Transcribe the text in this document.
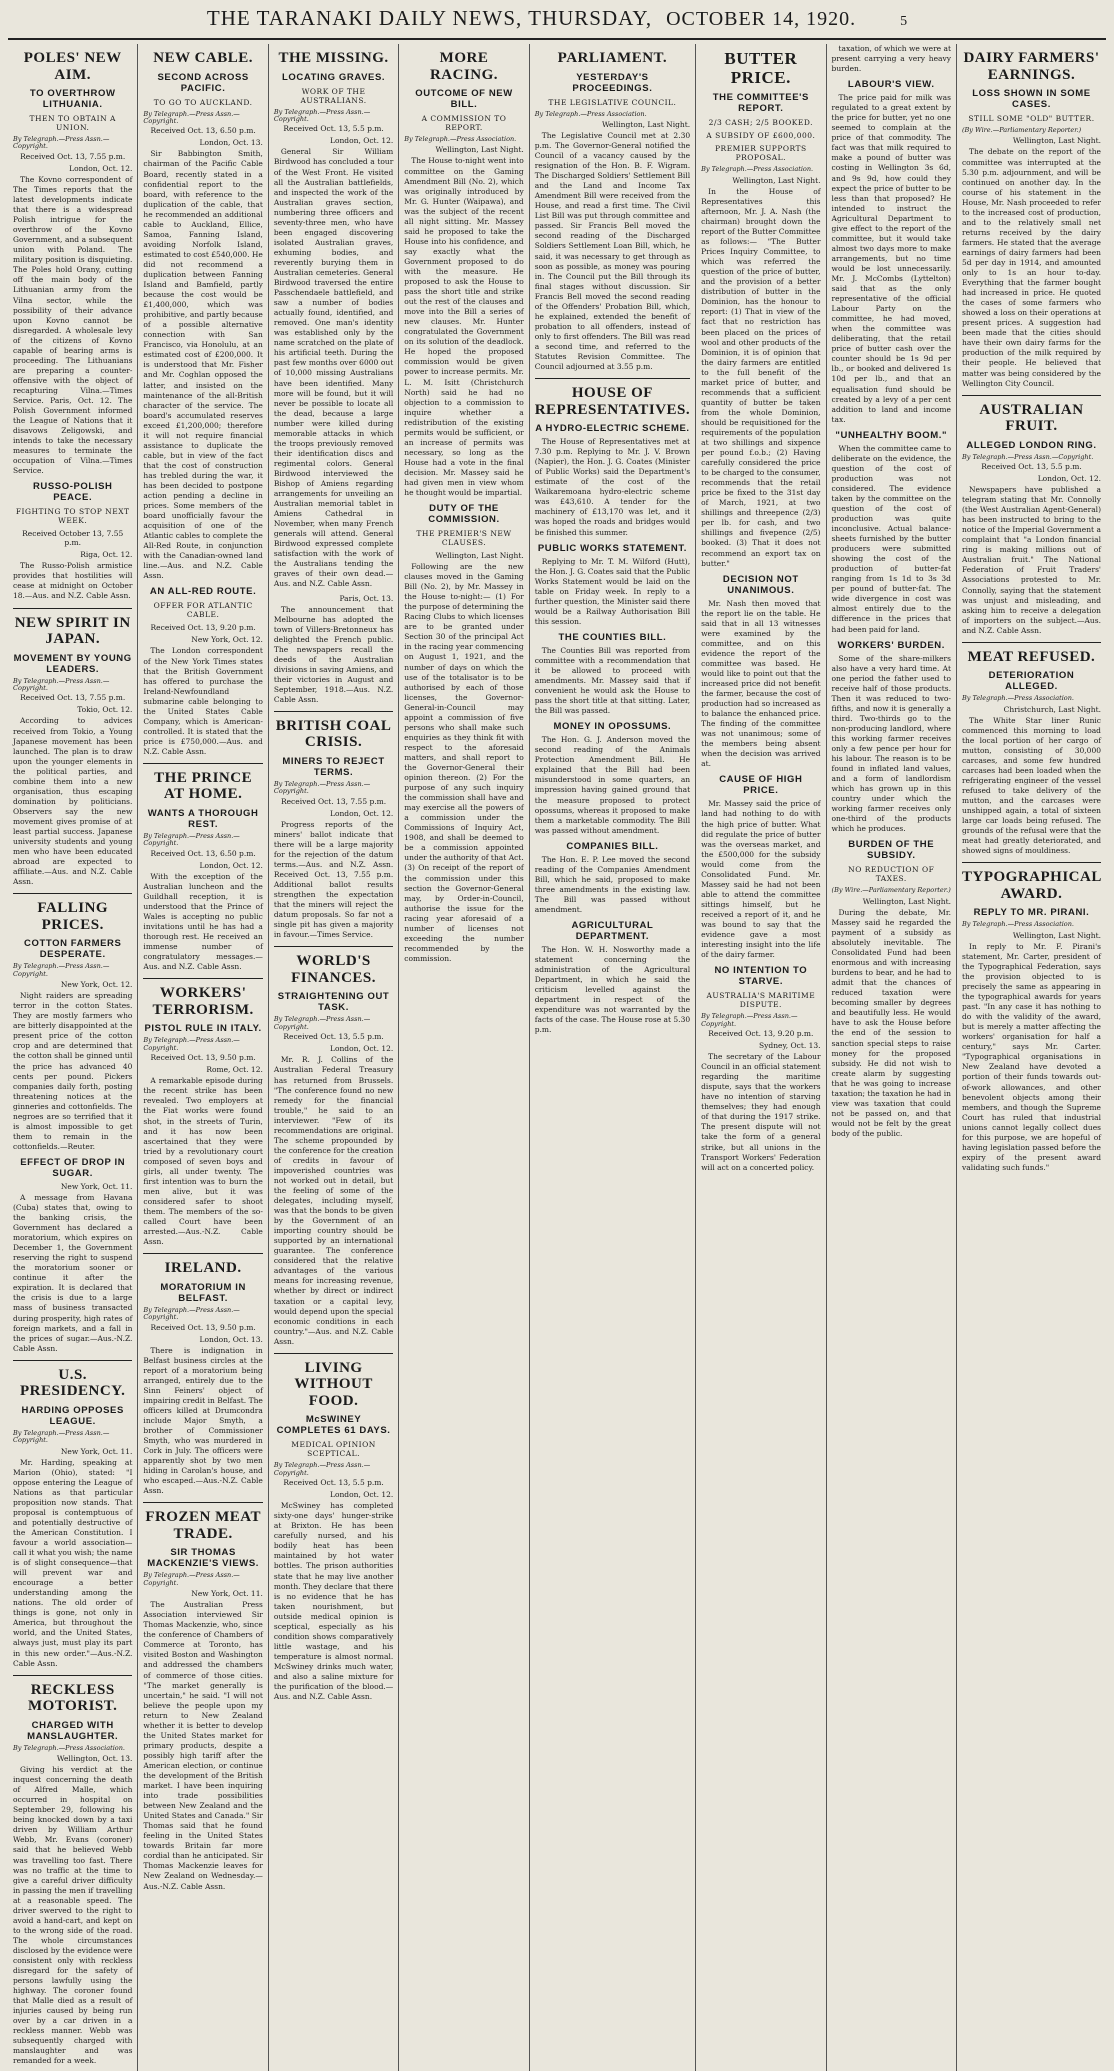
THE TARANAKI DAILY NEWS, THURSDAY, OCTOBER 14, 1920.	5
POLES' NEW AIM.
TO OVERTHROW LITHUANIA.
THEN TO OBTAIN A UNION.
By Telegraph.—Press Assn.—Copyright.
Received Oct. 13, 7.55 p.m.
London, Oct. 12.
The Kovno correspondent of The Times reports that the latest developments indicate that there is a widespread Polish intrigue for the overthrow of the Kovno Government, and a subsequent union with Poland. The military position is disquieting. The Poles hold Orany, cutting off the main body of the Lithuanian army from the Vilna sector, while the possibility of their advance upon Kovno cannot be disregarded. A wholesale levy of the citizens of Kovno capable of bearing arms is proceeding. The Lithuanians are preparing a counter-offensive with the object of recapturing Vilna.—Times Service. Paris, Oct. 12. The Polish Government informed the League of Nations that it disavows Zeligowski, and intends to take the necessary measures to terminate the occupation of Vilna.—Times Service.
RUSSO-POLISH PEACE.
FIGHTING TO STOP NEXT WEEK.
Received October 13, 7.55 p.m.
Riga, Oct. 12.
The Russo-Polish armistice provides that hostilities will cease at midnight on October 18.—Aus. and N.Z. Cable Assn.
NEW SPIRIT IN JAPAN.
MOVEMENT BY YOUNG LEADERS.
By Telegraph.—Press Assn.—Copyright.
Received Oct. 13, 7.55 p.m.
Tokio, Oct. 12.
According to advices received from Tokio, a Young Japanese movement has been launched. The plan is to draw upon the younger elements in the political parties, and combine them into a new organisation, thus escaping domination by politicians. Observers say the new movement gives promise of at least partial success. Japanese university students and young men who have been educated abroad are expected to affiliate.—Aus. and N.Z. Cable Assn.
FALLING PRICES.
COTTON FARMERS DESPERATE.
By Telegraph.—Press Assn.—Copyright.
New York, Oct. 12.
Night raiders are spreading terror in the cotton States. They are mostly farmers who are bitterly disappointed at the present price of the cotton crop and are determined that the cotton shall be ginned until the price has advanced 40 cents per pound. Pickers companies daily forth, posting threatening notices at the ginneries and cottonfields. The negroes are so terrified that it is almost impossible to get them to remain in the cottonfields.—Reuter.
EFFECT OF DROP IN SUGAR.
New York, Oct. 11.
A message from Havana (Cuba) states that, owing to the banking crisis, the Government has declared a moratorium, which expires on December 1, the Government reserving the right to suspend the moratorium sooner or continue it after the expiration. It is declared that the crisis is due to a large mass of business transacted during prosperity, high rates of foreign markets, and a fall in the prices of sugar.—Aus.-N.Z. Cable Assn.
U.S. PRESIDENCY.
HARDING OPPOSES LEAGUE.
By Telegraph.—Press Assn.—Copyright.
New York, Oct. 11.
Mr. Harding, speaking at Marion (Ohio), stated: "I oppose entering the League of Nations as that particular proposition now stands. That proposal is contemptuous of and potentially destructive of the American Constitution. I favour a world association—call it what you wish; the name is of slight consequence—that will prevent war and encourage a better understanding among the nations. The old order of things is gone, not only in America, but throughout the world, and the United States, always just, must play its part in this new order."—Aus.-N.Z. Cable Assn.
RECKLESS MOTORIST.
CHARGED WITH MANSLAUGHTER.
By Telegraph.—Press Association.
Wellington, Oct. 13.
Giving his verdict at the inquest concerning the death of Alfred Malle, which occurred in hospital on September 29, following his being knocked down by a taxi driven by William Arthur Webb, Mr. Evans (coroner) said that he believed Webb was travelling too fast. There was no traffic at the time to give a careful driver difficulty in passing the men if travelling at a reasonable speed. The driver swerved to the right to avoid a hand-cart, and kept on to the wrong side of the road. The whole circumstances disclosed by the evidence were consistent only with reckless disregard for the safety of persons lawfully using the highway. The coroner found that Malle died as a result of injuries caused by being run over by a car driven in a reckless manner. Webb was subsequently charged with manslaughter and was remanded for a week.
NEW CABLE.
SECOND ACROSS PACIFIC.
TO GO TO AUCKLAND.
By Telegraph.—Press Assn.—Copyright.
Received Oct. 13, 6.50 p.m.
London, Oct. 13.
Sir Babbington Smith, chairman of the Pacific Cable Board, recently stated in a confidential report to the board, with reference to the duplication of the cable, that he recommended an additional cable to Auckland, Ellice, Samoa, Fanning Island, avoiding Norfolk Island, estimated to cost £540,000. He did not recommend a duplication between Fanning Island and Bamfield, partly because the cost would be £1,400,000, which was prohibitive, and partly because of a possible alternative connection with San Francisco, via Honolulu, at an estimated cost of £200,000. It is understood that Mr. Fisher and Mr. Coghlan opposed the latter, and insisted on the maintenance of the all-British character of the service. The board's accumulated reserves exceed £1,200,000; therefore it will not require financial assistance to duplicate the cable, but in view of the fact that the cost of construction has trebled during the war, it has been decided to postpone action pending a decline in prices. Some members of the board unofficially favour the acquisition of one of the Atlantic cables to complete the All-Red Route, in conjunction with the Canadian-owned land line.—Aus. and N.Z. Cable Assn.
AN ALL-RED ROUTE.
OFFER FOR ATLANTIC CABLE.
Received Oct. 13, 9.20 p.m.
New York, Oct. 12.
The London correspondent of the New York Times states that the British Government has offered to purchase the Ireland-Newfoundland submarine cable belonging to the United States Cable Company, which is American-controlled. It is stated that the price is £750,000.—Aus. and N.Z. Cable Assn.
THE PRINCE AT HOME.
WANTS A THOROUGH REST.
By Telegraph.—Press Assn.—Copyright.
Received Oct. 13, 6.50 p.m.
London, Oct. 12.
With the exception of the Australian luncheon and the Guildhall reception, it is understood that the Prince of Wales is accepting no public invitations until he has had a thorough rest. He received an immense number of congratulatory messages.—Aus. and N.Z. Cable Assn.
WORKERS' TERRORISM.
PISTOL RULE IN ITALY.
By Telegraph.—Press Assn.—Copyright.
Received Oct. 13, 9.50 p.m.
Rome, Oct. 12.
A remarkable episode during the recent strike has been revealed. Two employers at the Fiat works were found shot, in the streets of Turin, and it has now been ascertained that they were tried by a revolutionary court composed of seven boys and girls, all under twenty. The first intention was to burn the men alive, but it was considered safer to shoot them. The members of the so-called Court have been arrested.—Aus.-N.Z. Cable Assn.
IRELAND.
MORATORIUM IN BELFAST.
By Telegraph.—Press Assn.—Copyright.
Received Oct. 13, 9.50 p.m.
London, Oct. 13.
There is indignation in Belfast business circles at the report of a moratorium being arranged, entirely due to the Sinn Feiners' object of impairing credit in Belfast. The officers killed at Drumcondra include Major Smyth, a brother of Commissioner Smyth, who was murdered in Cork in July. The officers were apparently shot by two men hiding in Carolan's house, and who escaped.—Aus.-N.Z. Cable Assn.
FROZEN MEAT TRADE.
SIR THOMAS MACKENZIE'S VIEWS.
By Telegraph.—Press Assn.—Copyright.
New York, Oct. 11.
The Australian Press Association interviewed Sir Thomas Mackenzie, who, since the conference of Chambers of Commerce at Toronto, has visited Boston and Washington and addressed the chambers of commerce of those cities. "The market generally is uncertain," he said. "I will not believe the people upon my return to New Zealand whether it is better to develop the United States market for primary products, despite a possibly high tariff after the American election, or continue the development of the British market. I have been inquiring into trade possibilities between New Zealand and the United States and Canada." Sir Thomas said that he found feeling in the United States towards Britain far more cordial than he anticipated. Sir Thomas Mackenzie leaves for New Zealand on Wednesday.—Aus.-N.Z. Cable Assn.
THE MISSING.
LOCATING GRAVES.
WORK OF THE AUSTRALIANS.
By Telegraph.—Press Assn.—Copyright.
Received Oct. 13, 5.5 p.m.
London, Oct. 12.
General Sir William Birdwood has concluded a tour of the West Front. He visited all the Australian battlefields, and inspected the work of the Australian graves section, numbering three officers and seventy-three men, who have been engaged discovering isolated Australian graves, exhuming bodies, and reverently burying them in Australian cemeteries. General Birdwood traversed the entire Passchendaele battlefield, and saw a number of bodies actually found, identified, and removed. One man's identity was established only by the name scratched on the plate of his artificial teeth. During the past few months over 6000 out of 10,000 missing Australians have been identified. Many more will be found, but it will never be possible to locate all the dead, because a large number were killed during memorable attacks in which the troops previously removed their identification discs and regimental colors. General Birdwood interviewed the Bishop of Amiens regarding arrangements for unveiling an Australian memorial tablet in Amiens Cathedral in November, when many French generals will attend. General Birdwood expressed complete satisfaction with the work of the Australians tending the graves of their own dead.—Aus. and N.Z. Cable Assn.
Paris, Oct. 13.
The announcement that Melbourne has adopted the town of Villers-Bretonneux has delighted the French public. The newspapers recall the deeds of the Australian divisions in saving Amiens, and their victories in August and September, 1918.—Aus. N.Z. Cable Assn.
BRITISH COAL CRISIS.
MINERS TO REJECT TERMS.
By Telegraph.—Press Assn.—Copyright.
Received Oct. 13, 7.55 p.m.
London, Oct. 12.
Progress reports of the miners' ballot indicate that there will be a large majority for the rejection of the datum terms.—Aus. and N.Z. Assn. Received Oct. 13, 7.55 p.m. Additional ballot results strengthen the expectation that the miners will reject the datum proposals. So far not a single pit has given a majority in favour.—Times Service.
WORLD'S FINANCES.
STRAIGHTENING OUT TASK.
By Telegraph.—Press Assn.—Copyright.
Received Oct. 13, 5.5 p.m.
London, Oct. 12.
Mr. R. J. Collins of the Australian Federal Treasury has returned from Brussels. "The conference found no new remedy for the financial trouble," he said to an interviewer. "Few of its recommendations are original. The scheme propounded by the conference for the creation of credits in favour of impoverished countries was not worked out in detail, but the feeling of some of the delegates, including myself, was that the bonds to be given by the Government of an importing country should be supported by an international guarantee. The conference considered that the relative advantages of the various means for increasing revenue, whether by direct or indirect taxation or a capital levy, would depend upon the special economic conditions in each country."—Aus. and N.Z. Cable Assn.
LIVING WITHOUT FOOD.
McSWINEY COMPLETES 61 DAYS.
MEDICAL OPINION SCEPTICAL.
By Telegraph.—Press Assn.—Copyright.
Received Oct. 13, 5.5 p.m.
London, Oct. 12.
McSwiney has completed sixty-one days' hunger-strike at Brixton. He has been carefully nursed, and his bodily heat has been maintained by hot water bottles. The prison authorities state that he may live another month. They declare that there is no evidence that he has taken nourishment, but outside medical opinion is sceptical, especially as his condition shows comparatively little wastage, and his temperature is almost normal. McSwiney drinks much water, and also a saline mixture for the purification of the blood.—Aus. and N.Z. Cable Assn.
MORE RACING.
OUTCOME OF NEW BILL.
A COMMISSION TO REPORT.
By Telegraph.—Press Association.
Wellington, Last Night.
The House to-night went into committee on the Gaming Amendment Bill (No. 2), which was originally introduced by Mr. G. Hunter (Waipawa), and was the subject of the recent all night sitting. Mr. Massey said he proposed to take the House into his confidence, and say exactly what the Government proposed to do with the measure. He proposed to ask the House to pass the short title and strike out the rest of the clauses and move into the Bill a series of new clauses. Mr. Hunter congratulated the Government on its solution of the deadlock. He hoped the proposed commission would be given power to increase permits. Mr. L. M. Isitt (Christchurch North) said he had no objection to a commission to inquire whether a redistribution of the existing permits would be sufficient, or an increase of permits was necessary, so long as the House had a vote in the final decision. Mr. Massey said he had given men in view whom he thought would be impartial.
DUTY OF THE COMMISSION.
THE PREMIER'S NEW CLAUSES.
Wellington, Last Night.
Following are the new clauses moved in the Gaming Bill (No. 2), by Mr. Massey in the House to-night:— (1) For the purpose of determining the Racing Clubs to which licenses are to be granted under Section 30 of the principal Act in the racing year commencing on August 1, 1921, and the number of days on which the use of the totalisator is to be authorised by each of those licenses, the Governor-General-in-Council may appoint a commission of five persons who shall make such enquiries as they think fit with respect to the aforesaid matters, and shall report to the Governor-General their opinion thereon. (2) For the purpose of any such inquiry the commission shall have and may exercise all the powers of a commission under the Commissions of Inquiry Act, 1908, and shall be deemed to be a commission appointed under the authority of that Act. (3) On receipt of the report of the commission under this section the Governor-General may, by Order-in-Council, authorise the issue for the racing year aforesaid of a number of licenses not exceeding the number recommended by the commission.
PARLIAMENT.
YESTERDAY'S PROCEEDINGS.
THE LEGISLATIVE COUNCIL.
By Telegraph.—Press Association.
Wellington, Last Night.
The Legislative Council met at 2.30 p.m. The Governor-General notified the Council of a vacancy caused by the resignation of the Hon. B. F. Wigram. The Discharged Soldiers' Settlement Bill and the Land and Income Tax Amendment Bill were received from the House, and read a first time. The Civil List Bill was put through committee and passed. Sir Francis Bell moved the second reading of the Discharged Soldiers Settlement Loan Bill, which, he said, it was necessary to get through as soon as possible, as money was pouring in. The Council put the Bill through its final stages without discussion. Sir Francis Bell moved the second reading of the Offenders' Probation Bill, which, he explained, extended the benefit of probation to all offenders, instead of only to first offenders. The Bill was read a second time, and referred to the Statutes Revision Committee. The Council adjourned at 3.55 p.m.
HOUSE OF REPRESENTATIVES.
A HYDRO-ELECTRIC SCHEME.
The House of Representatives met at 7.30 p.m. Replying to Mr. J. V. Brown (Napier), the Hon. J. G. Coates (Minister of Public Works) said the Department's estimate of the cost of the Waikaremoana hydro-electric scheme was £43,610. A tender for the machinery of £13,170 was let, and it was hoped the roads and bridges would be finished this summer.
PUBLIC WORKS STATEMENT.
Replying to Mr. T. M. Wilford (Hutt), the Hon. J. G. Coates said that the Public Works Statement would be laid on the table on Friday week. In reply to a further question, the Minister said there would be a Railway Authorisation Bill this session.
THE COUNTIES BILL.
The Counties Bill was reported from committee with a recommendation that it be allowed to proceed with amendments. Mr. Massey said that if convenient he would ask the House to pass the short title at that sitting. Later, the Bill was passed.
MONEY IN OPOSSUMS.
The Hon. G. J. Anderson moved the second reading of the Animals Protection Amendment Bill. He explained that the Bill had been misunderstood in some quarters, an impression having gained ground that the measure proposed to protect opossums, whereas it proposed to make them a marketable commodity. The Bill was passed without amendment.
COMPANIES BILL.
The Hon. E. P. Lee moved the second reading of the Companies Amendment Bill, which he said, proposed to make three amendments in the existing law. The Bill was passed without amendment.
AGRICULTURAL DEPARTMENT.
The Hon. W. H. Nosworthy made a statement concerning the administration of the Agricultural Department, in which he said the criticism levelled against the department in respect of the expenditure was not warranted by the facts of the case. The House rose at 5.30 p.m.
BUTTER PRICE.
THE COMMITTEE'S REPORT.
2/3 CASH; 2/5 BOOKED.
A SUBSIDY OF £600,000.
PREMIER SUPPORTS PROPOSAL.
By Telegraph.—Press Association.
Wellington, Last Night.
In the House of Representatives this afternoon, Mr. J. A. Nash (the chairman) brought down the report of the Butter Committee as follows:— "The Butter Prices Inquiry Committee, to which was referred the question of the price of butter, and the provision of a better distribution of butter in the Dominion, has the honour to report: (1) That in view of the fact that no restriction has been placed on the prices of wool and other products of the Dominion, it is of opinion that the dairy farmers are entitled to the full benefit of the market price of butter, and recommends that a sufficient quantity of butter be taken from the whole Dominion, should be requisitioned for the requirements of the population at two shillings and sixpence per pound f.o.b.; (2) Having carefully considered the price to be charged to the consumer, recommends that the retail price be fixed to the 31st day of March, 1921, at two shillings and threepence (2/3) per lb. for cash, and two shillings and fivepence (2/5) booked. (3) That it does not recommend an export tax on butter."
DECISION NOT UNANIMOUS.
Mr. Nash then moved that the report lie on the table. He said that in all 13 witnesses were examined by the committee, and on this evidence the report of the committee was based. He would like to point out that the increased price did not benefit the farmer, because the cost of production had so increased as to balance the enhanced price. The finding of the committee was not unanimous; some of the members being absent when the decision was arrived at.
CAUSE OF HIGH PRICE.
Mr. Massey said the price of land had nothing to do with the high price of butter. What did regulate the price of butter was the overseas market, and the £500,000 for the subsidy would come from the Consolidated Fund. Mr. Massey said he had not been able to attend the committee sittings himself, but he received a report of it, and he was bound to say that the evidence gave a most interesting insight into the life of the dairy farmer.
NO INTENTION TO STARVE.
AUSTRALIA'S MARITIME DISPUTE.
By Telegraph.—Press Assn.—Copyright.
Received Oct. 13, 9.20 p.m.
Sydney, Oct. 13.
The secretary of the Labour Council in an official statement regarding the maritime dispute, says that the workers have no intention of starving themselves; they had enough of that during the 1917 strike. The present dispute will not take the form of a general strike, but all unions in the Transport Workers' Federation will act on a concerted policy.
taxation, of which we were at present carrying a very heavy burden.
LABOUR'S VIEW.
The price paid for milk was regulated to a great extent by the price for butter, yet no one seemed to complain at the price of that commodity. The fact was that milk required to make a pound of butter was costing in Wellington 3s 6d, and 9s 9d, how could they expect the price of butter to be less than that proposed? He intended to instruct the Agricultural Department to give effect to the report of the committee, but it would take almost two days more to make arrangements, but no time would be lost unnecessarily. Mr. J. McCombs (Lyttelton) said that as the only representative of the official Labour Party on the committee, he had moved, when the committee was deliberating, that the retail price of butter cash over the counter should be 1s 9d per lb., or booked and delivered 1s 10d per lb., and that an equalisation fund should be created by a levy of a per cent addition to land and income tax.
"UNHEALTHY BOOM."
When the committee came to deliberate on the evidence, the question of the cost of production was not considered. The evidence taken by the committee on the question of the cost of production was quite inconclusive. Actual balance-sheets furnished by the butter producers were submitted showing the cost of the production of butter-fat ranging from 1s 1d to 3s 3d per pound of butter-fat. The wide divergence in cost was almost entirely due to the difference in the prices that had been paid for land.
WORKERS' BURDEN.
Some of the share-milkers also have a very hard time. At one period the father used to receive half of those products. Then it was reduced to two-fifths, and now it is generally a third. Two-thirds go to the non-producing landlord, where this working farmer receives only a few pence per hour for his labour. The reason is to be found in inflated land values, and a form of landlordism which has grown up in this country under which the working farmer receives only one-third of the products which he produces.
BURDEN OF THE SUBSIDY.
NO REDUCTION OF TAXES.
(By Wire.—Parliamentary Reporter.)
Wellington, Last Night.
During the debate, Mr. Massey said he regarded the payment of a subsidy as absolutely inevitable. The Consolidated Fund had been enormous and with increasing burdens to bear, and he had to admit that the chances of reduced taxation were becoming smaller by degrees and beautifully less. He would have to ask the House before the end of the session to sanction special steps to raise money for the proposed subsidy. He did not wish to create alarm by suggesting that he was going to increase taxation; the taxation he had in view was taxation that could not be passed on, and that would not be felt by the great body of the public.
DAIRY FARMERS' EARNINGS.
LOSS SHOWN IN SOME CASES.
STILL SOME "OLD" BUTTER.
(By Wire.—Parliamentary Reporter.)
Wellington, Last Night.
The debate on the report of the committee was interrupted at the 5.30 p.m. adjournment, and will be continued on another day. In the course of his statement in the House, Mr. Nash proceeded to refer to the increased cost of production, and to the relatively small net returns received by the dairy farmers. He stated that the average earnings of dairy farmers had been 5d per day in 1914, and amounted only to 1s an hour to-day. Everything that the farmer bought had increased in price. He quoted the cases of some farmers who showed a loss on their operations at present prices. A suggestion had been made that the cities should have their own dairy farms for the production of the milk required by their people. He believed that matter was being considered by the Wellington City Council.
AUSTRALIAN FRUIT.
ALLEGED LONDON RING.
By Telegraph.—Press Assn.—Copyright.
Received Oct. 13, 5.5 p.m.
London, Oct. 12.
Newspapers have published a telegram stating that Mr. Connolly (the West Australian Agent-General) has been instructed to bring to the notice of the Imperial Government a complaint that "a London financial ring is making millions out of Australian fruit." The National Federation of Fruit Traders' Associations protested to Mr. Connolly, saying that the statement was unjust and misleading, and asking him to receive a delegation of importers on the subject.—Aus. and N.Z. Cable Assn.
MEAT REFUSED.
DETERIORATION ALLEGED.
By Telegraph.—Press Association.
Christchurch, Last Night.
The White Star liner Runic commenced this morning to load the local portion of her cargo of mutton, consisting of 30,000 carcases, and some few hundred carcases had been loaded when the refrigerating engineer of the vessel refused to take delivery of the mutton, and the carcases were unshipped again, a total of sixteen large car loads being refused. The grounds of the refusal were that the meat had greatly deteriorated, and showed signs of mouldiness.
TYPOGRAPHICAL AWARD.
REPLY TO MR. PIRANI.
By Telegraph.—Press Association.
Wellington, Last Night.
In reply to Mr. F. Pirani's statement, Mr. Carter, president of the Typographical Federation, says the provision objected to is precisely the same as appearing in the typographical awards for years past. "In any case it has nothing to do with the validity of the award, but is merely a matter affecting the workers' organisation for half a century," says Mr. Carter. "Typographical organisations in New Zealand have devoted a portion of their funds towards out-of-work allowances, and other benevolent objects among their members, and though the Supreme Court has ruled that industrial unions cannot legally collect dues for this purpose, we are hopeful of having legislation passed before the expiry of the present award validating such funds."
